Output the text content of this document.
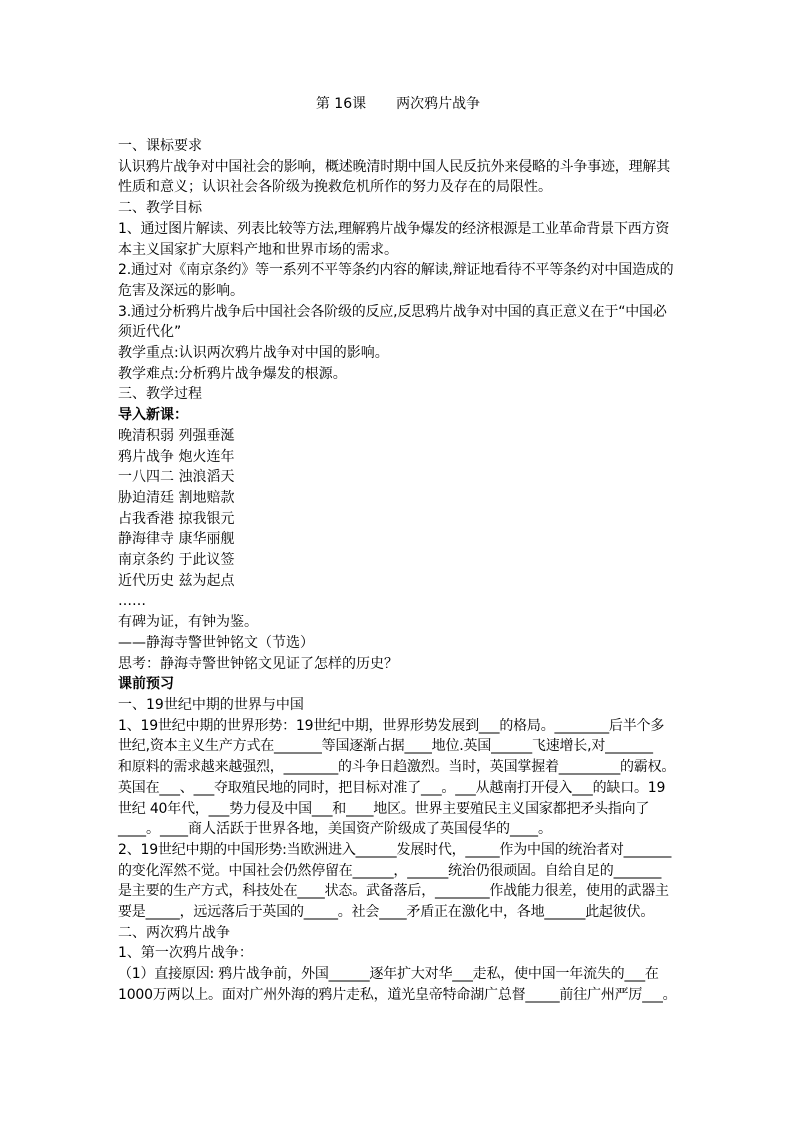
第 16课 两次鸦片战争
一、课标要求
认识鸦片战争对中国社会的影响，概述晚清时期中国人民反抗外来侵略的斗争事迹，理解其
性质和意义；认识社会各阶级为挽救危机所作的努力及存在的局限性。
二、教学目标
1、通过图片解读、列表比较等方法,理解鸦片战争爆发的经济根源是工业革命背景下西方资
本主义国家扩大原料产地和世界市场的需求。
2.通过对《南京条约》等一系列不平等条约内容的解读,辩证地看待不平等条约对中国造成的
危害及深远的影响。
3.通过分析鸦片战争后中国社会各阶级的反应,反思鸦片战争对中国的真正意义在于“中国必
须近代化”
教学重点:认识两次鸦片战争对中国的影响。
教学难点:分析鸦片战争爆发的根源。
三、教学过程
导入新课：
晚清积弱 列强垂涎
鸦片战争 炮火连年
一八四二 浊浪滔天
胁迫清廷 割地赔款
占我香港 掠我银元
静海律寺 康华丽舰
南京条约 于此议签
近代历史 兹为起点
……
有碑为证，有钟为鉴。
——静海寺警世钟铭文（节选）
思考：静海寺警世钟铭文见证了怎样的历史？
课前预习
一、19世纪中期的世界与中国
1、19世纪中期的世界形势：19世纪中期，世界形势发展到___的格局。________后半个多
世纪,资本主义生产方式在_______等国逐渐占据____地位.英国______飞速增长,对_______
和原料的需求越来越强烈，________的斗争日趋激烈。当时，英国掌握着_________的霸权。
英国在___、___夺取殖民地的同时，把目标对准了___。___从越南打开侵入___的缺口。19
世纪 40年代，___势力侵及中国___和____地区。世界主要殖民主义国家都把矛头指向了
____。____商人活跃于世界各地，美国资产阶级成了英国侵华的____。
2、19世纪中期的中国形势:当欧洲进入______发展时代，_____作为中国的统治者对_______
的变化浑然不觉。中国社会仍然停留在______，______统治仍很顽固。自给自足的_______
是主要的生产方式，科技处在____状态。武备落后，________作战能力很差，使用的武器主
要是_____，远远落后于英国的_____。社会____矛盾正在激化中，各地______此起彼伏。
二、两次鸦片战争
1、第一次鸦片战争：
（1）直接原因: 鸦片战争前，外国______逐年扩大对华___走私，使中国一年流失的___在
1000万两以上。面对广州外海的鸦片走私，道光皇帝特命湖广总督_____前往广州严厉___。
